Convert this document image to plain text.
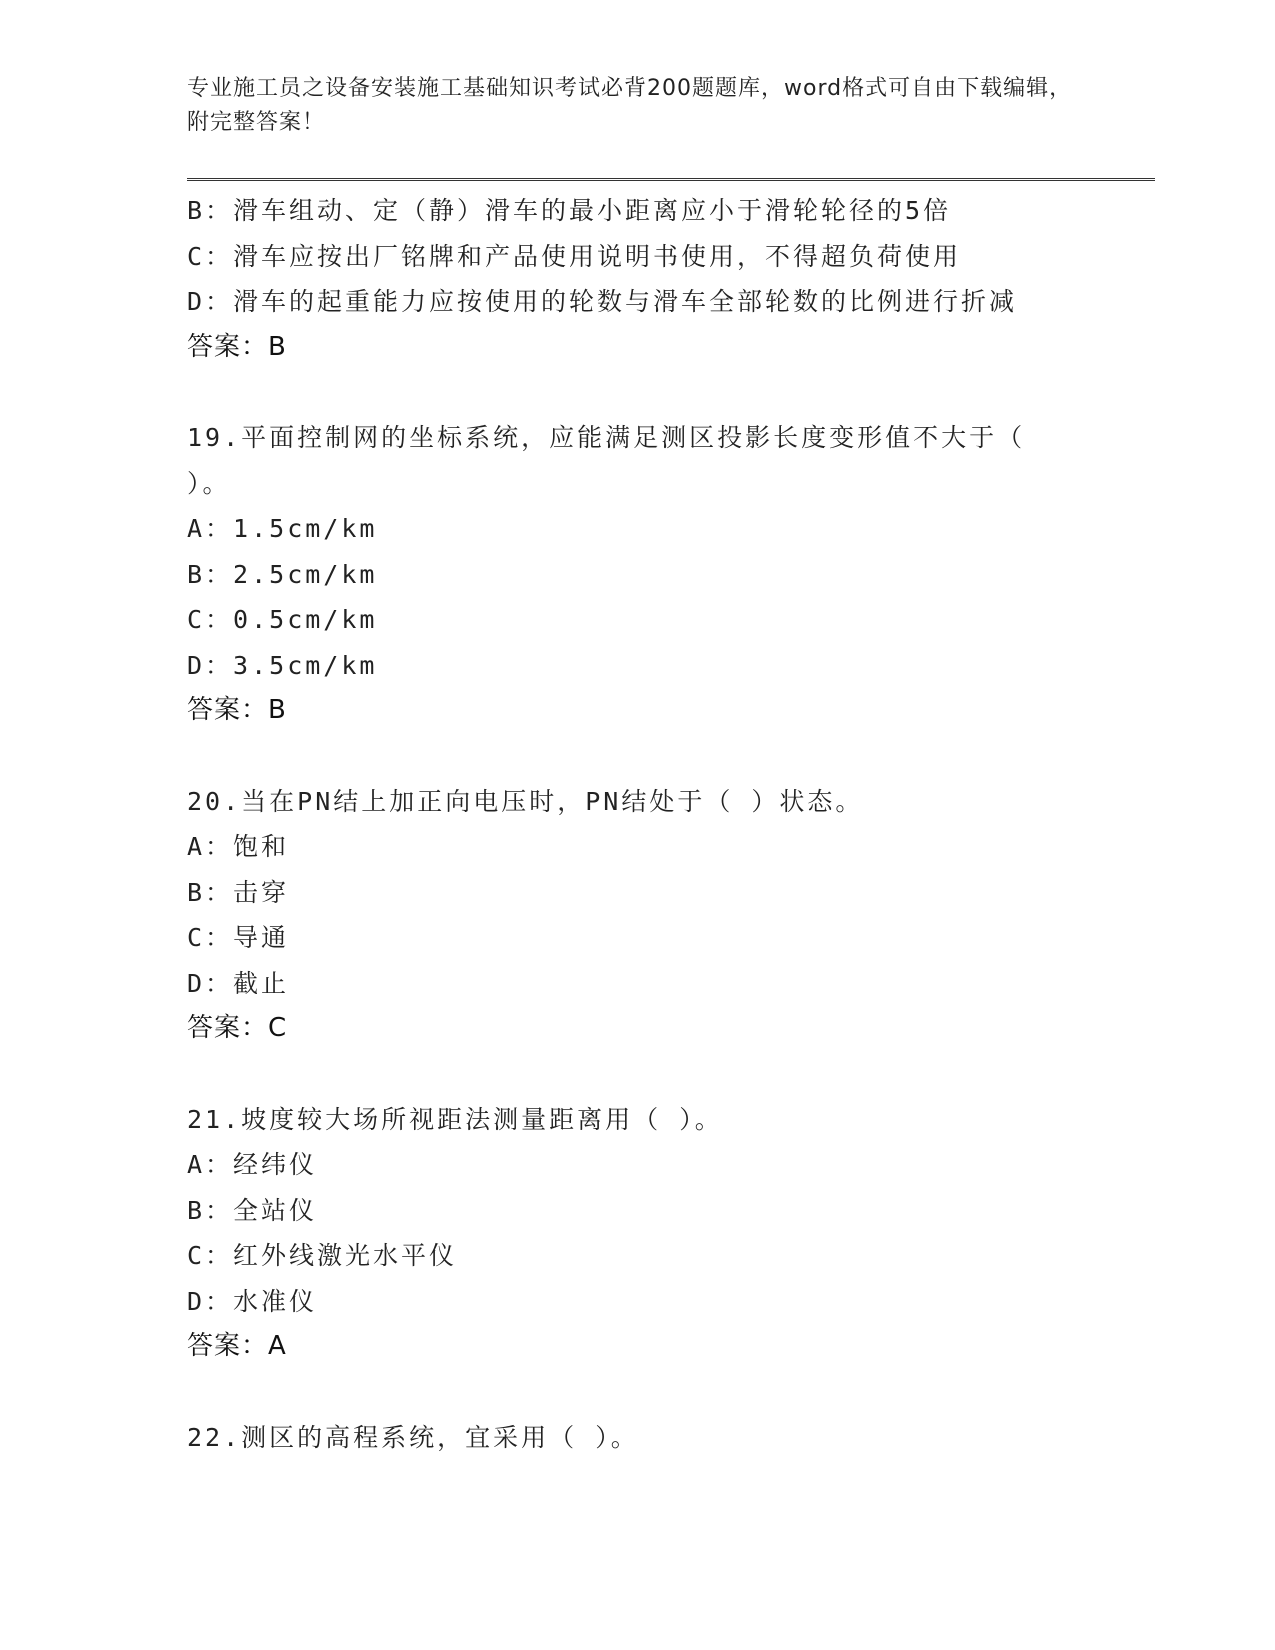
专业施工员之设备安装施工基础知识考试必背200题题库，word格式可自由下载编辑，附完整答案！
B：滑车组动、定（静）滑车的最小距离应小于滑轮轮径的5倍
C：滑车应按出厂铭牌和产品使用说明书使用，不得超负荷使用
D：滑车的起重能力应按使用的轮数与滑车全部轮数的比例进行折减
答案：B
19.平面控制网的坐标系统，应能满足测区投影长度变形值不大于（ ）。
A：1.5cm/km
B：2.5cm/km
C：0.5cm/km
D：3.5cm/km
答案：B
20.当在PN结上加正向电压时，PN结处于（ ）状态。
A：饱和
B：击穿
C：导通
D：截止
答案：C
21.坡度较大场所视距法测量距离用（ ）。
A：经纬仪
B：全站仪
C：红外线激光水平仪
D：水准仪
答案：A
22.测区的高程系统，宜采用（ ）。
